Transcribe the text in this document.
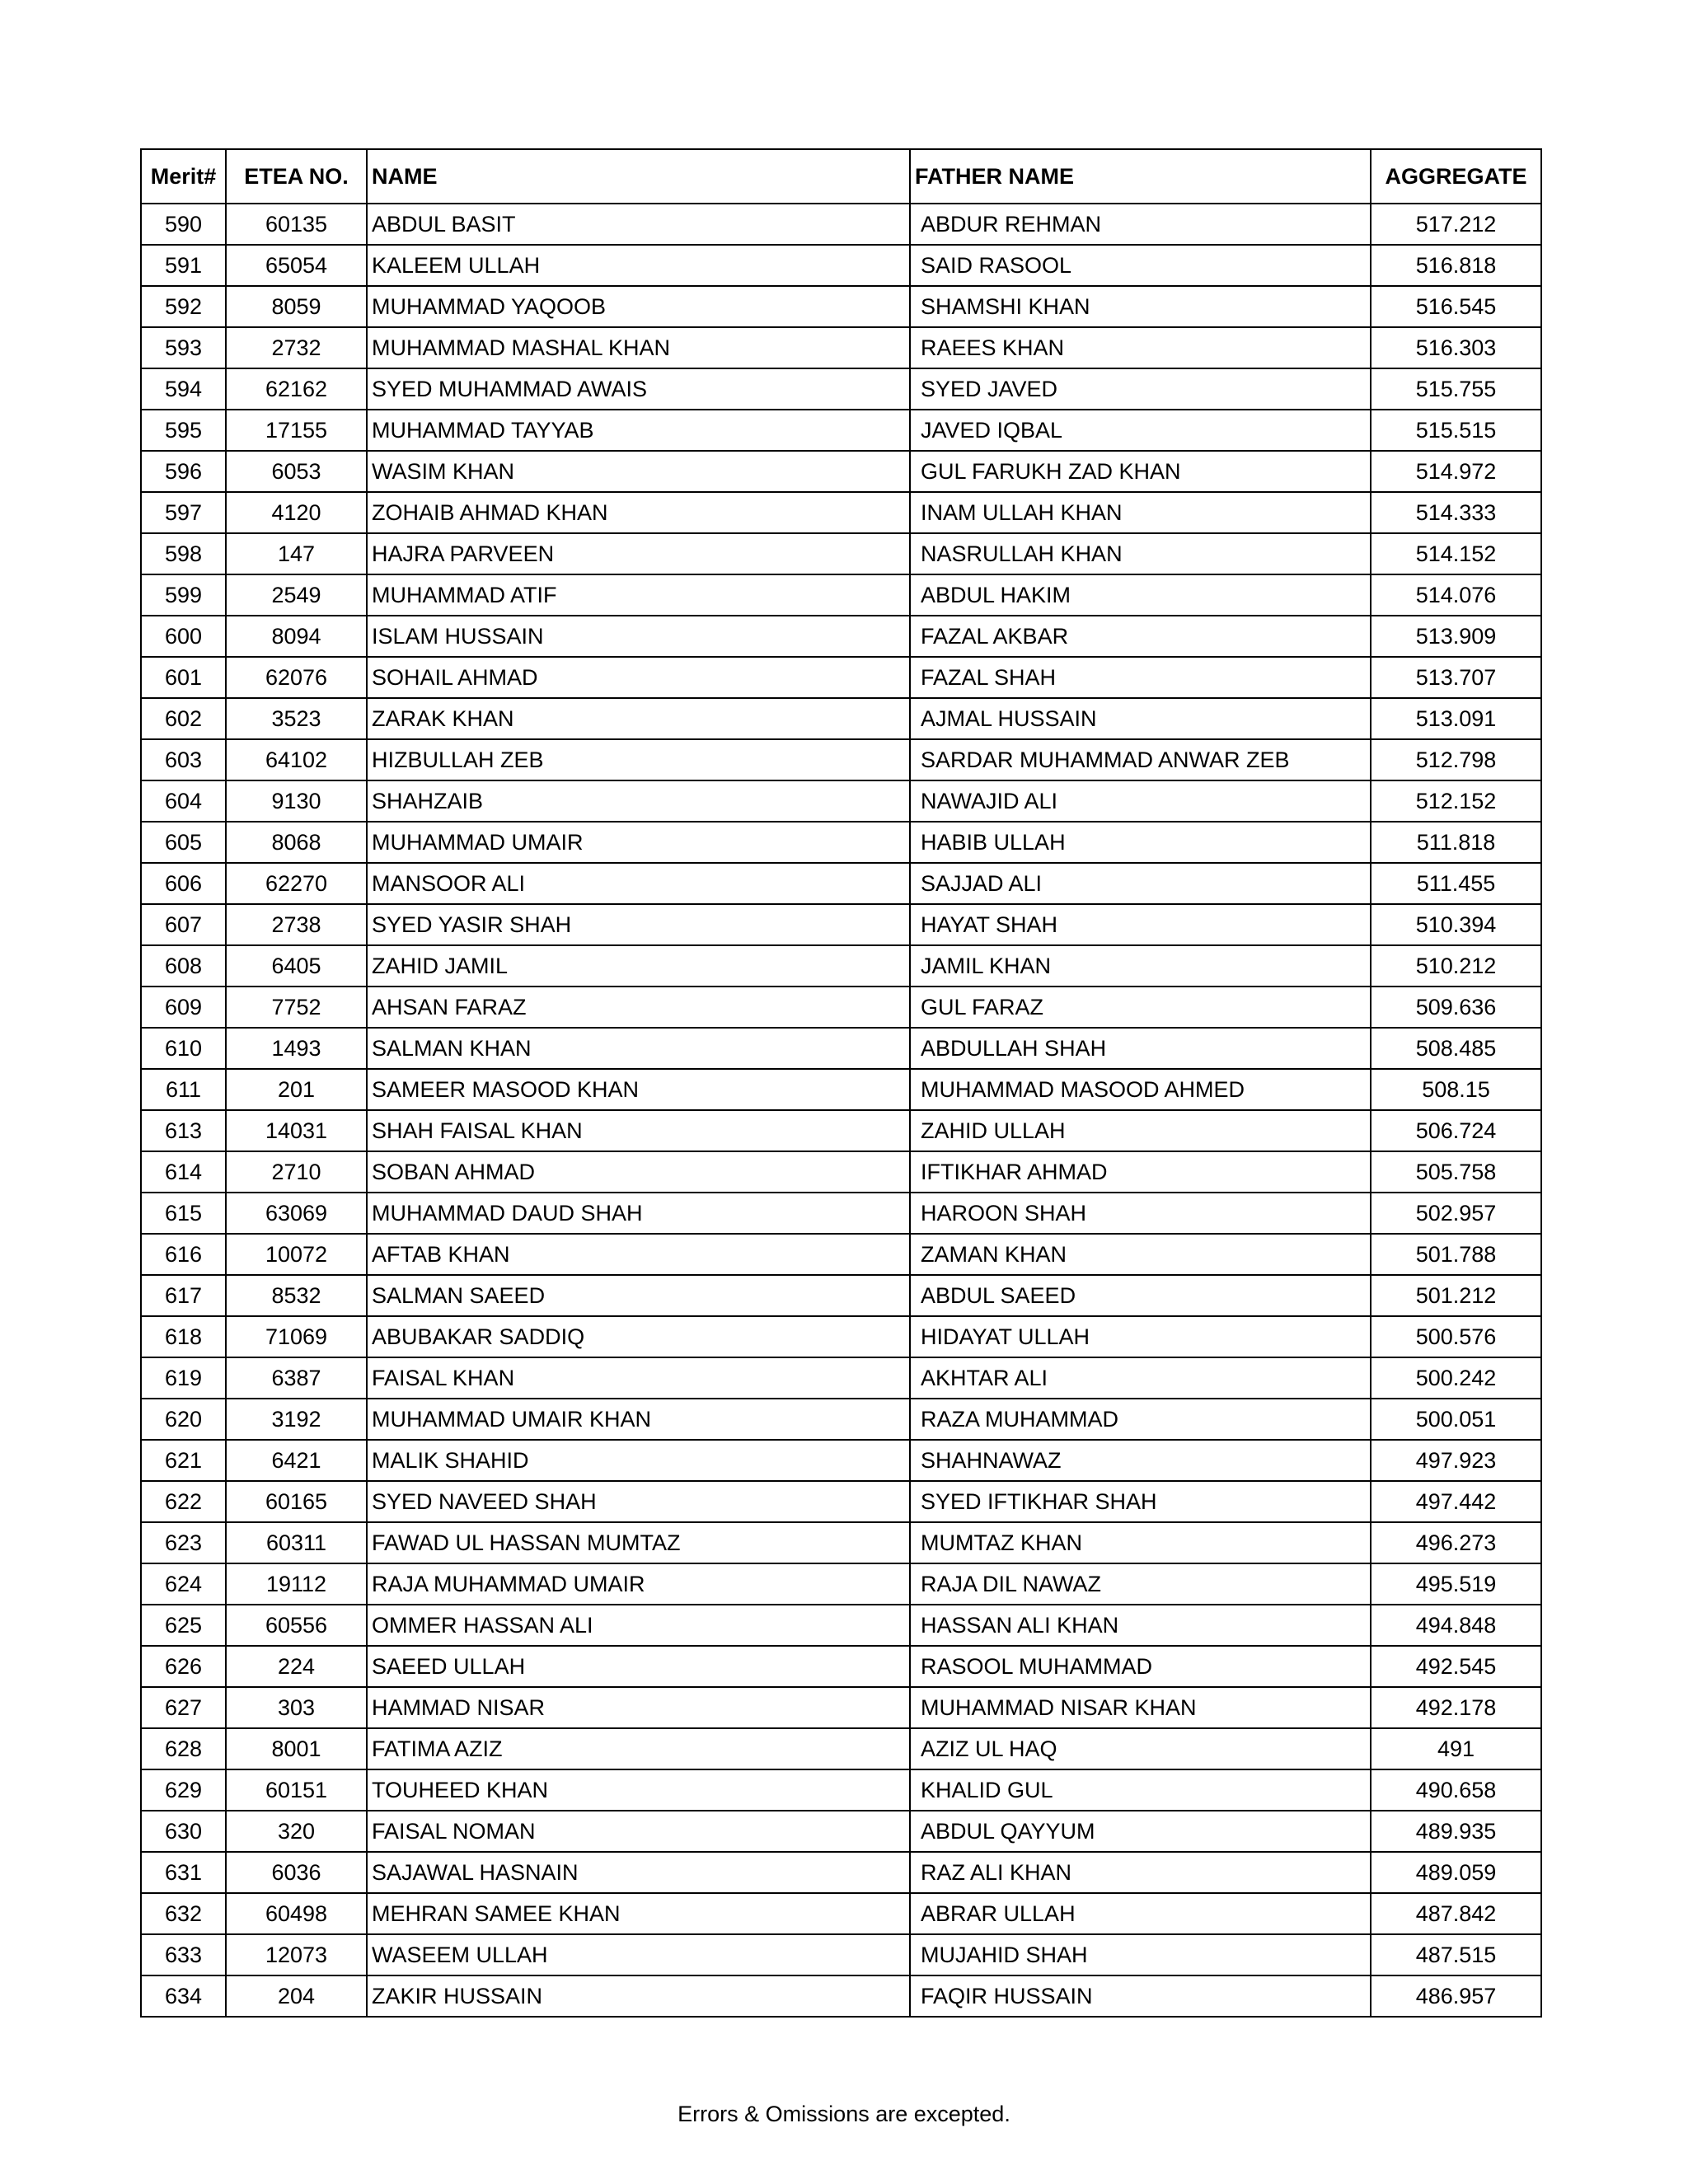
Merit#	ETEA NO.	NAME	FATHER NAME	AGGREGATE
590	60135	ABDUL BASIT	ABDUR REHMAN	517.212
591	65054	KALEEM ULLAH	SAID RASOOL	516.818
592	8059	MUHAMMAD YAQOOB	SHAMSHI KHAN	516.545
593	2732	MUHAMMAD MASHAL KHAN	RAEES KHAN	516.303
594	62162	SYED MUHAMMAD AWAIS	SYED JAVED	515.755
595	17155	MUHAMMAD TAYYAB	JAVED IQBAL	515.515
596	6053	WASIM KHAN	GUL FARUKH ZAD KHAN	514.972
597	4120	ZOHAIB AHMAD KHAN	INAM ULLAH KHAN	514.333
598	147	HAJRA PARVEEN	NASRULLAH KHAN	514.152
599	2549	MUHAMMAD ATIF	ABDUL HAKIM	514.076
600	8094	ISLAM HUSSAIN	FAZAL AKBAR	513.909
601	62076	SOHAIL AHMAD	FAZAL SHAH	513.707
602	3523	ZARAK KHAN	AJMAL HUSSAIN	513.091
603	64102	HIZBULLAH ZEB	SARDAR MUHAMMAD ANWAR ZEB	512.798
604	9130	SHAHZAIB	NAWAJID ALI	512.152
605	8068	MUHAMMAD UMAIR	HABIB ULLAH	511.818
606	62270	MANSOOR ALI	SAJJAD ALI	511.455
607	2738	SYED YASIR SHAH	HAYAT SHAH	510.394
608	6405	ZAHID JAMIL	JAMIL KHAN	510.212
609	7752	AHSAN FARAZ	GUL FARAZ	509.636
610	1493	SALMAN KHAN	ABDULLAH SHAH	508.485
611	201	SAMEER MASOOD KHAN	MUHAMMAD MASOOD AHMED	508.15
613	14031	SHAH FAISAL KHAN	ZAHID ULLAH	506.724
614	2710	SOBAN AHMAD	IFTIKHAR AHMAD	505.758
615	63069	MUHAMMAD DAUD SHAH	HAROON SHAH	502.957
616	10072	AFTAB KHAN	ZAMAN KHAN	501.788
617	8532	SALMAN SAEED	ABDUL SAEED	501.212
618	71069	ABUBAKAR SADDIQ	HIDAYAT ULLAH	500.576
619	6387	FAISAL KHAN	AKHTAR ALI	500.242
620	3192	MUHAMMAD UMAIR KHAN	RAZA MUHAMMAD	500.051
621	6421	MALIK SHAHID	SHAHNAWAZ	497.923
622	60165	SYED NAVEED SHAH	SYED IFTIKHAR SHAH	497.442
623	60311	FAWAD UL HASSAN MUMTAZ	MUMTAZ KHAN	496.273
624	19112	RAJA MUHAMMAD UMAIR	RAJA DIL NAWAZ	495.519
625	60556	OMMER HASSAN ALI	HASSAN ALI KHAN	494.848
626	224	SAEED ULLAH	RASOOL MUHAMMAD	492.545
627	303	HAMMAD NISAR	MUHAMMAD NISAR KHAN	492.178
628	8001	FATIMA AZIZ	AZIZ UL HAQ	491
629	60151	TOUHEED KHAN	KHALID GUL	490.658
630	320	FAISAL NOMAN	ABDUL QAYYUM	489.935
631	6036	SAJAWAL HASNAIN	RAZ ALI KHAN	489.059
632	60498	MEHRAN SAMEE KHAN	ABRAR ULLAH	487.842
633	12073	WASEEM ULLAH	MUJAHID SHAH	487.515
634	204	ZAKIR HUSSAIN	FAQIR HUSSAIN	486.957
Errors & Omissions are excepted.
